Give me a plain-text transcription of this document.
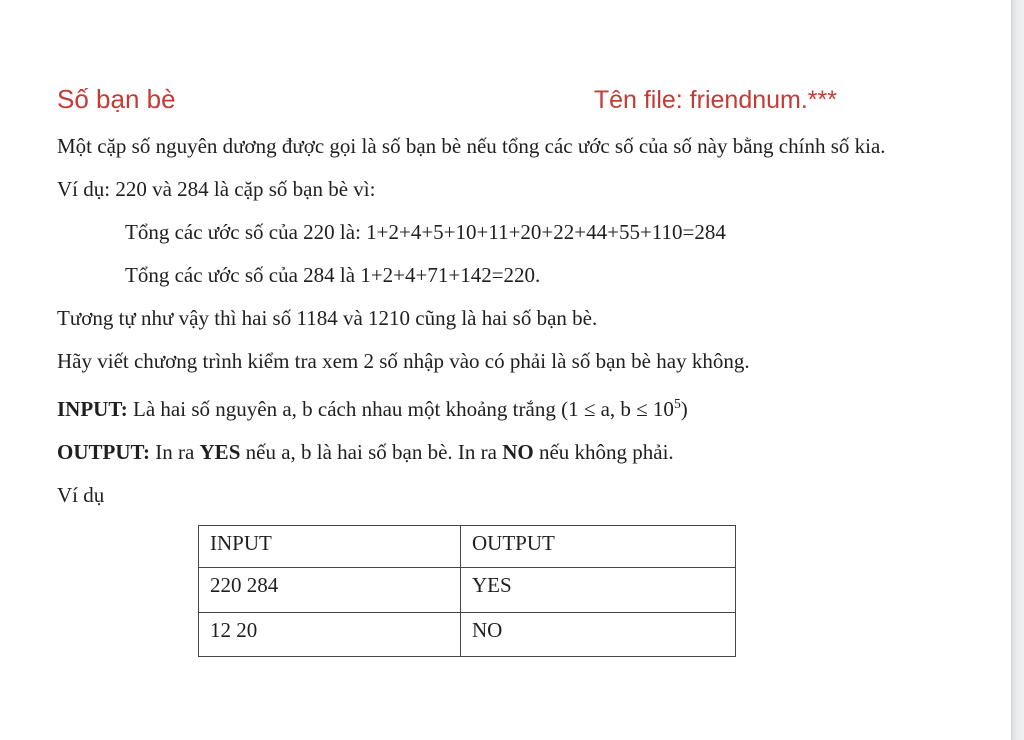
Số bạn bè	Tên file: friendnum.***

Một cặp số nguyên dương được gọi là số bạn bè nếu tổng các ước số của số này bằng chính số kia.

Ví dụ: 220 và 284 là cặp số bạn bè vì:

Tổng các ước số của 220 là: 1+2+4+5+10+11+20+22+44+55+110=284

Tổng các ước số của 284 là 1+2+4+71+142=220.

Tương tự như vậy thì hai số 1184 và 1210 cũng là hai số bạn bè.

Hãy viết chương trình kiểm tra xem 2 số nhập vào có phải là số bạn bè hay không.

INPUT: Là hai số nguyên a, b cách nhau một khoảng trắng (1 ≤ a, $b \le 10^5$)

OUTPUT: In ra YES nếu a, b là hai số bạn bè. In ra NO nếu không phải.

Ví dụ

INPUT	OUTPUT
220 284	YES
12 20	NO
